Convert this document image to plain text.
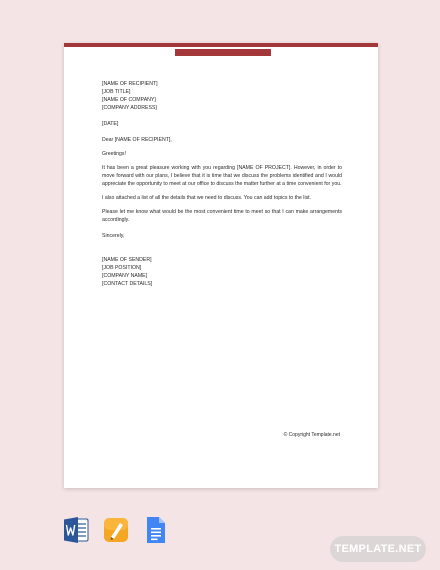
[NAME OF RECIPIENT]
[JOB TITLE]
[NAME OF COMPANY]
[COMPANY ADDRESS]
[DATE]
Dear [NAME OF RECIPIENT],
Greetings!

It has been a great pleasure working with you regarding [NAME OF PROJECT]. However, in order to move forward with our plans, I believe that it is time that we discuss the problems identified and I would appreciate the opportunity to meet at our office to discuss the matter further at a time convenient for you.

I also attached a list of all the details that we need to discuss. You can add topics to the list.

Please let me know what would be the most convenient time to meet so that I can make arrangements accordingly.

Sincerely,
[NAME OF SENDER]
[JOB POSITION]
[COMPANY NAME]
[CONTACT DETAILS]
© Copyright Template.net
TEMPLATE.NET
